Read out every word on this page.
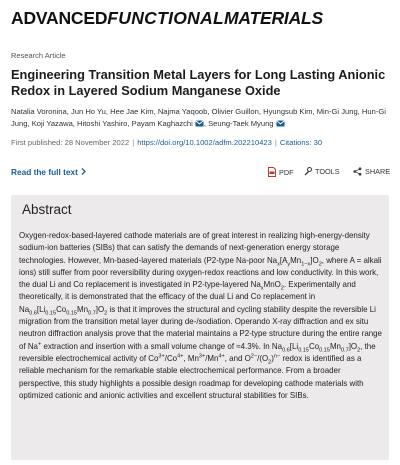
ADVANCEDFUNCTIONALMATERIALS
Research Article
Engineering Transition Metal Layers for Long Lasting Anionic Redox in Layered Sodium Manganese Oxide
Natalia Voronina, Jun Ho Yu, Hee Jae Kim, Najma Yaqoob, Olivier Guillon, Hyungsub Kim, Min-Gi Jung, Hun-Gi Jung, Koji Yazawa, Hitoshi Yashiro, Payam Kaghazchi , Seung-Taek Myung
First published: 28 November 2022 | https://doi.org/10.1002/adfm.202210423 | Citations: 30
Read the full text	PDF	TOOLS	SHARE
Abstract

Oxygen-redox-based-layered cathode materials are of great interest in realizing high-energy-density sodium-ion batteries (SIBs) that can satisfy the demands of next-generation energy storage technologies. However, Mn-based-layered materials (P2-type Na-poor $Na_x[A_yMn_{1-x}]O_2$, where A = alkali ions) still suffer from poor reversibility during oxygen-redox reactions and low conductivity. In this work, the dual Li and Co replacement is investigated in P2-type-layered $Na_xMnO_2$. Experimentally and theoretically, it is demonstrated that the efficacy of the dual Li and Co replacement in $Na_{0.6}[Li_{0.15}Co_{0.15}Mn_{0.7}]O_2$ is that it improves the structural and cycling stability despite the reversible Li migration from the transition metal layer during de-/sodiation. Operando X-ray diffraction and ex situ neutron diffraction analysis prove that the material maintains a P2-type structure during the entire range of Na+ extraction and insertion with a small volume change of ≈4.3%. In $Na_{0.6}[Li_{0.15}Co_{0.15}Mn_{0.7}]O_2$, the reversible electrochemical activity of $Co^{3+}/Co^{4+}$, $Mn^{3+}/Mn^{4+}$, and $O^{2-}/(O_2)^{n-}$ redox is identified as a reliable mechanism for the remarkable stable electrochemical performance. From a broader perspective, this study highlights a possible design roadmap for developing cathode materials with optimized cationic and anionic activities and excellent structural stabilities for SIBs.
